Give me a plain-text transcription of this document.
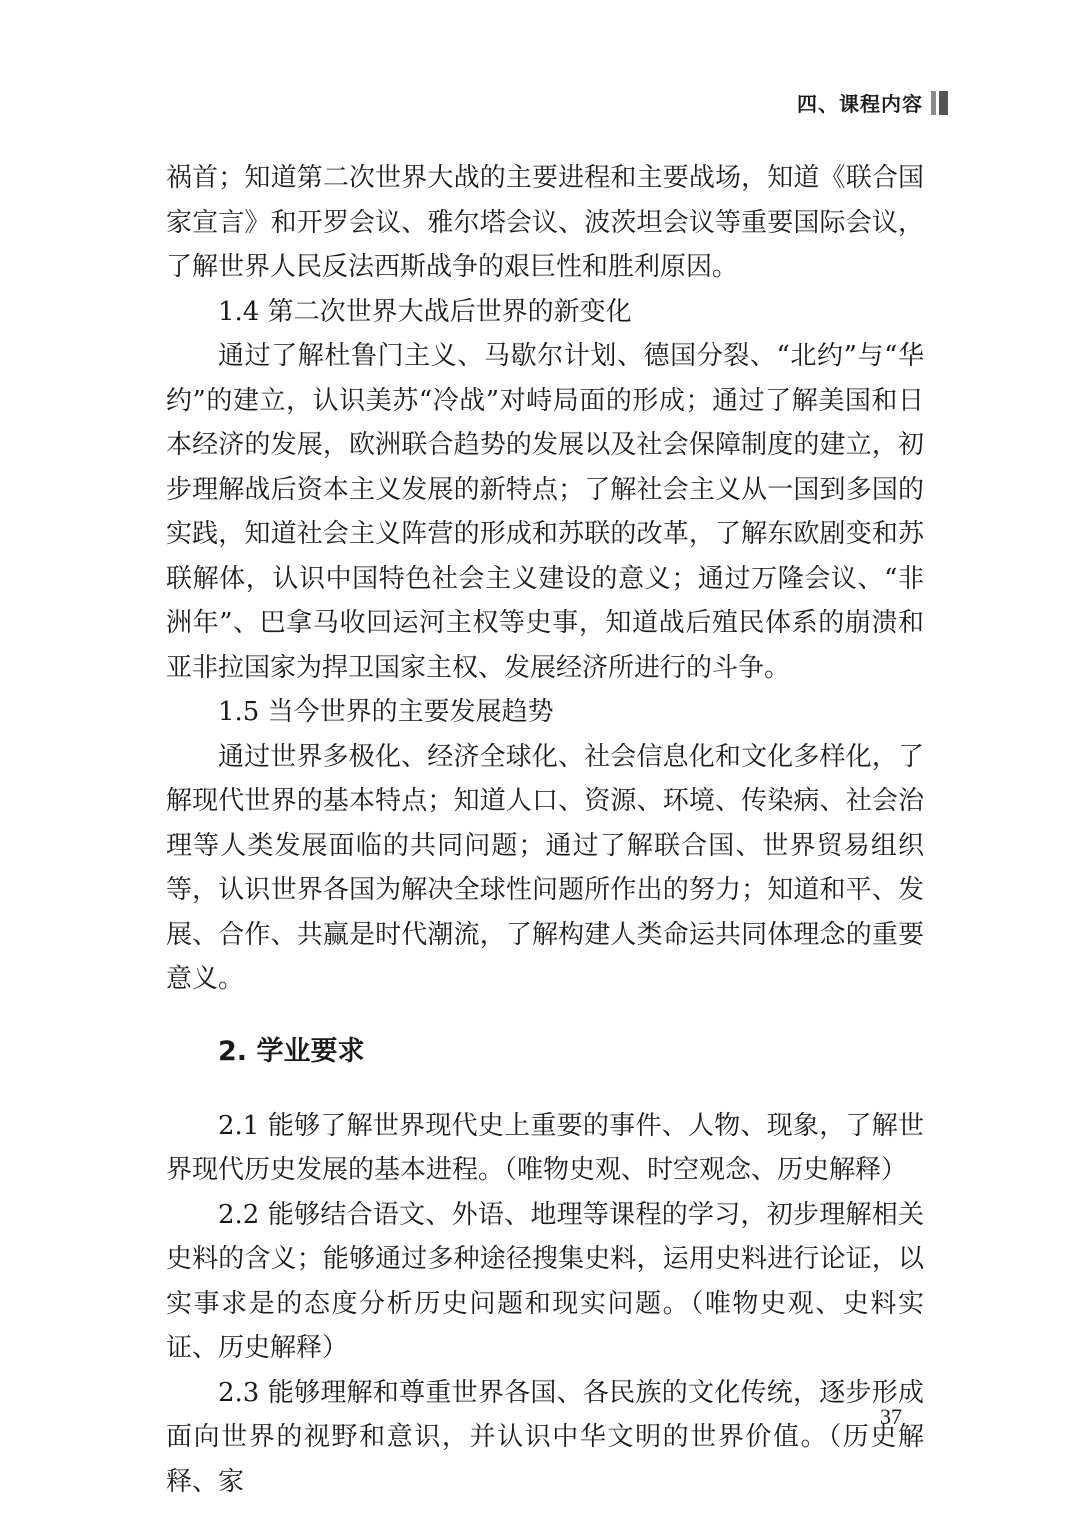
四、课程内容

祸首；知道第二次世界大战的主要进程和主要战场，知道《联合国家宣言》和开罗会议、雅尔塔会议、波茨坦会议等重要国际会议，了解世界人民反法西斯战争的艰巨性和胜利原因。

1.4 第二次世界大战后世界的新变化

通过了解杜鲁门主义、马歇尔计划、德国分裂、“北约”与“华约”的建立，认识美苏“冷战”对峙局面的形成；通过了解美国和日本经济的发展，欧洲联合趋势的发展以及社会保障制度的建立，初步理解战后资本主义发展的新特点；了解社会主义从一国到多国的实践，知道社会主义阵营的形成和苏联的改革，了解东欧剧变和苏联解体，认识中国特色社会主义建设的意义；通过万隆会议、“非洲年”、巴拿马收回运河主权等史事，知道战后殖民体系的崩溃和亚非拉国家为捍卫国家主权、发展经济所进行的斗争。

1.5 当今世界的主要发展趋势

通过世界多极化、经济全球化、社会信息化和文化多样化，了解现代世界的基本特点；知道人口、资源、环境、传染病、社会治理等人类发展面临的共同问题；通过了解联合国、世界贸易组织等，认识世界各国为解决全球性问题所作出的努力；知道和平、发展、合作、共赢是时代潮流，了解构建人类命运共同体理念的重要意义。

2. 学业要求

2.1 能够了解世界现代史上重要的事件、人物、现象，了解世界现代历史发展的基本进程。（唯物史观、时空观念、历史解释）

2.2 能够结合语文、外语、地理等课程的学习，初步理解相关史料的含义；能够通过多种途径搜集史料，运用史料进行论证，以实事求是的态度分析历史问题和现实问题。（唯物史观、史料实证、历史解释）

2.3 能够理解和尊重世界各国、各民族的文化传统，逐步形成面向世界的视野和意识，并认识中华文明的世界价值。（历史解释、家

37
